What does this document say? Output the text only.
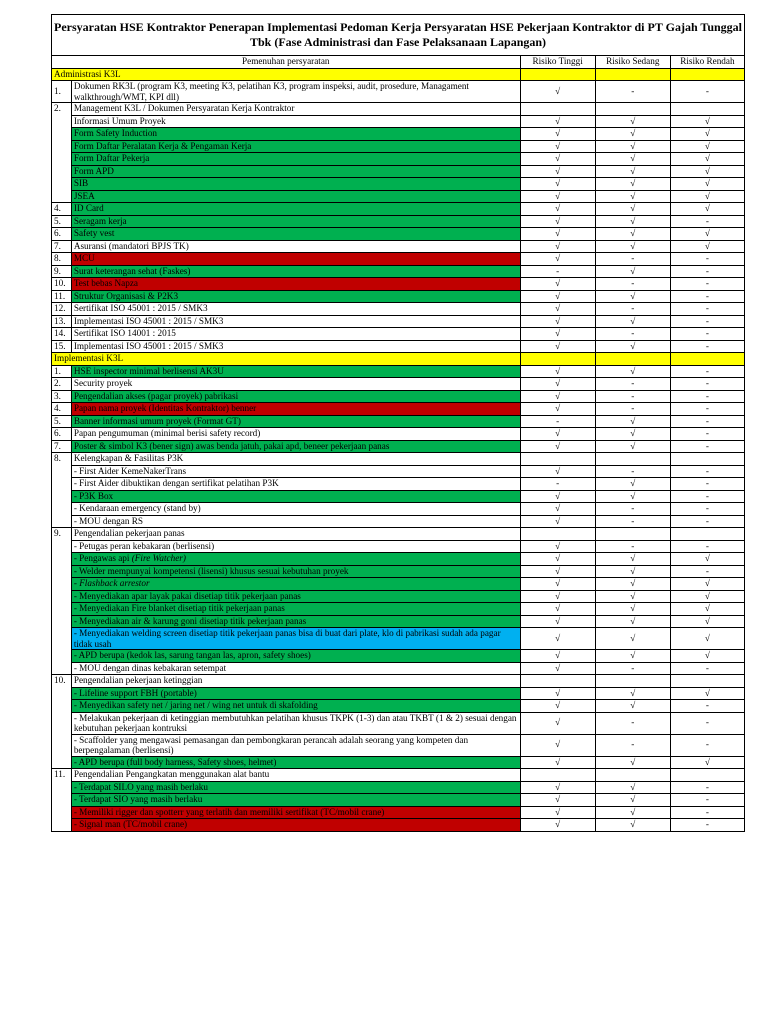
Persyaratan HSE Kontraktor Penerapan Implementasi Pedoman Kerja Persyaratan HSE Pekerjaan Kontraktor di PT Gajah Tunggal Tbk (Fase Administrasi dan Fase Pelaksanaan Lapangan)				
Pemenuhan persyaratan		Risiko Tinggi	Risiko Sedang	Risiko Rendah
Administrasi K3L				
1.	Dokumen RK3L (program K3, meeting K3, pelatihan K3, program inspeksi, audit, prosedure, Managament walkthrough/WMT, KPI dll)	√	-	-
2.	Management K3L / Dokumen Persyaratan Kerja Kontraktor			
	Informasi Umum Proyek	√	√	√
	Form Safety Induction	√	√	√
	Form Daftar Peralatan Kerja & Pengaman Kerja	√	√	√
	Form Daftar Pekerja	√	√	√
	Form APD	√	√	√
	SIB	√	√	√
	JSEA	√	√	√
4.	ID Card	√	√	√
5.	Seragam kerja	√	√	-
6.	Safety vest	√	√	√
7.	Asuransi (mandatori BPJS TK)	√	√	√
8.	MCU	√	-	-
9.	Surat keterangan sehat (Faskes)	-	√	-
10.	Test bebas Napza	√	-	-
11.	Struktur Organisasi & P2K3	√	√	-
12.	Sertifikat ISO 45001 : 2015 / SMK3	√	-	-
13.	Implementasi ISO 45001 : 2015 / SMK3	√	√	-
14.	Sertifikat ISO 14001 : 2015	√	-	-
15.	Implementasi ISO 45001 : 2015 / SMK3	√	√	-
Implementasi K3L				
1.	HSE inspector minimal berlisensi AK3U	√	√	-
2.	Security proyek	√	-	-
3.	Pengendalian akses (pagar proyek) pabrikasi	√	-	-
4.	Papan nama proyek (Identitas Kontraktor) benner	√	-	-
5.	Banner informasi umum proyek (Format GT)	-	√	-
6.	Papan pengumuman (minimal berisi safety record)	√	√	-
7.	Poster & simbol K3 (bener sign) awas benda jatuh, pakai apd, beneer pekerjaan panas	√	√	-
8.	Kelengkapan & Fasilitas P3K			
	- First Aider KemeNakerTrans	√	-	-
	- First Aider dibuktikan dengan sertifikat pelatihan P3K	-	√	-
	- P3K Box	√	√	-
	- Kendaraan emergency (stand by)	√	-	-
	- MOU dengan RS	√	-	-
9.	Pengendalian pekerjaan panas			
	- Petugas peran kebakaran (berlisensi)	√	-	-
	- Pengawas api (Fire Watcher)	√	√	√
	- Welder mempunyai kompetensi (lisensi) khusus sesuai kebutuhan proyek	√	√	-
	- Flashback arrestor	√	√	√
	- Menyediakan apar layak pakai disetiap titik pekerjaan panas	√	√	√
	- Menyediakan Fire blanket disetiap titik pekerjaan panas	√	√	√
	- Menyediakan air & karung goni disetiap titik pekerjaan panas	√	√	√
	- Menyediakan welding screen disetiap titik pekerjaan panas bisa di buat dari plate, klo di pabrikasi sudah ada pagar tidak usah	√	√	√
	- APD berupa (kedok las, sarung tangan las, apron, safety shoes)	√	√	√
	- MOU dengan dinas kebakaran setempat	√	-	-
10.	Pengendalian pekerjaan ketinggian			
	- Lifeline support FBH (portable)	√	√	√
	- Menyedikan safety net / jaring net / wing net untuk di skafolding	√	√	-
	- Melakukan pekerjaan di ketinggian membutuhkan pelatihan khusus TKPK (1-3) dan atau TKBT (1 & 2) sesuai dengan kebutuhan pekerjaan kontruksi	√	-	-
	- Scaffolder yang mengawasi pemasangan dan pembongkaran perancah adalah seorang yang kompeten dan berpengalaman (berlisensi)	√	-	-
	- APD berupa (full body harness, Safety shoes, helmet)	√	√	√
11.	Pengendalian Pengangkatan menggunakan alat bantu			
	- Terdapat SILO yang masih berlaku	√	√	-
	- Terdapat SIO yang masih berlaku	√	√	-
	- Memiliki rigger dan spotterr yang terlatih dan memiliki sertifikat (TC/mobil crane)	√	√	-
	- Signal man (TC/mobil crane)	√	√	-
